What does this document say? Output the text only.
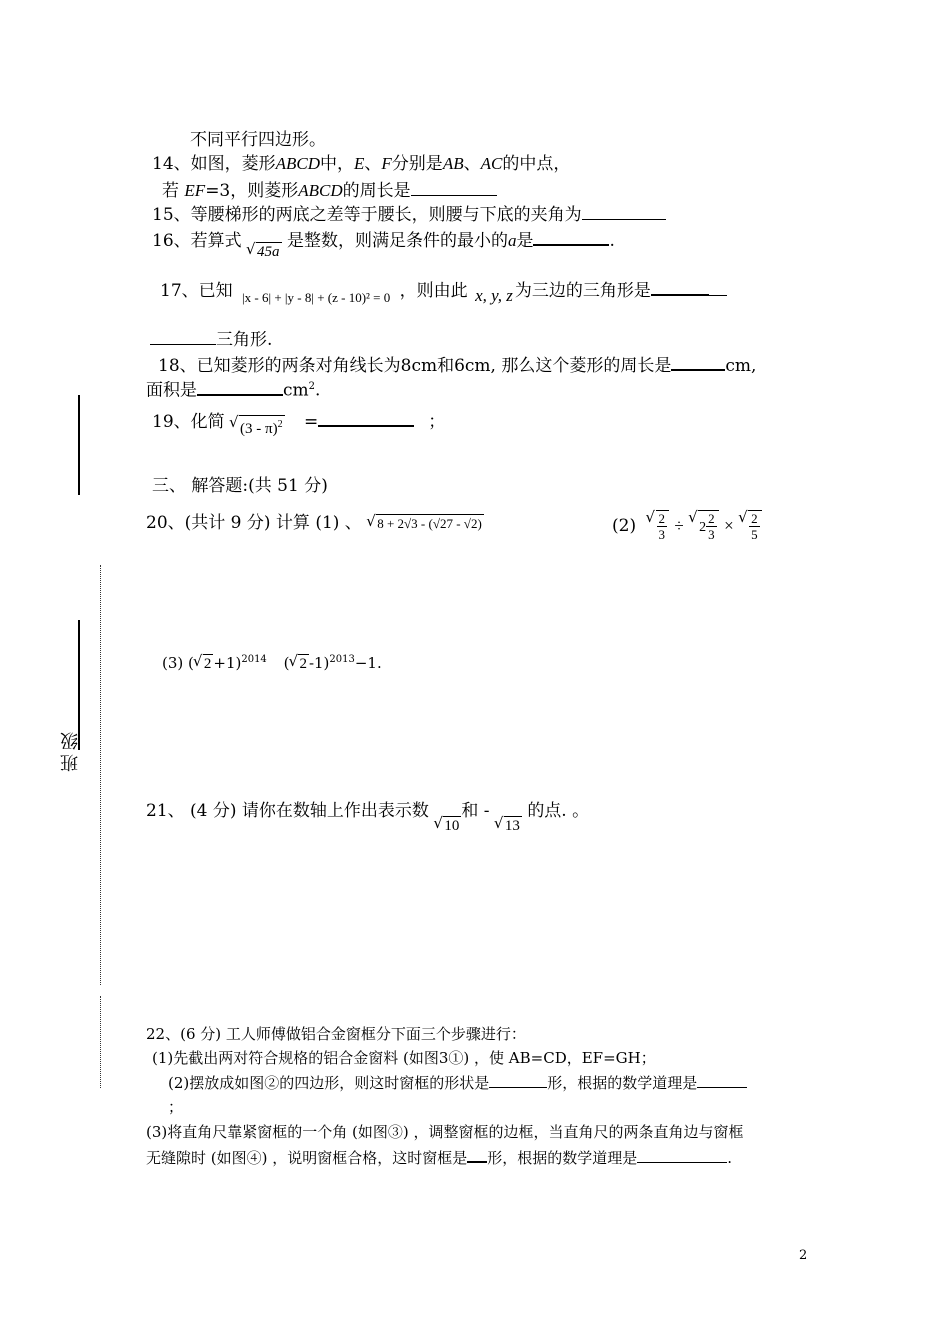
班级
不同平行四边形。
14、如图，菱形ABCD中，E、F分别是AB、AC的中点，
若 EF=3，则菱形ABCD的周长是
15、等腰梯形的两底之差等于腰长，则腰与下底的夹角为
16、若算式 √ 45a 是整数，则满足条件的最小的a是	.
17、已知 $_{|x - 6| + |y - 8| + (z - 10)^2 = 0}$ ，则由此 x, y, z 为三边的三角形是
三角形.
18、已知菱形的两条对角线长为8cm和6cm, 那么这个菱形的周长是	cm,
面积是	$cm^2$.
19、化简 √ (3 - π)$^2$ =	；
三、 解答题:(共 51 分)
20、(共计 9 分) 计算 (1) 、 √ 8 + 2√3 - (√27 - √2)	(2) √ $\frac{2}{3}$ ÷ √ $2 \frac{2}{3}$ × √ $\frac{2}{5}$
(3) ( √ 2 +1)$^{2014}$ ( √ 2 -1)$^{2013}$−1.
21、 (4 分) 请你在数轴上作出表示数 √ 10和 - √ 13 的点. 。
22、(6 分) 工人师傅做铝合金窗框分下面三个步骤进行：
(1)先截出两对符合规格的铝合金窗料 (如图3①) ，使 AB=CD，EF=GH；
(2)摆放成如图②的四边形，则这时窗框的形状是	形，根据的数学道理是
；
(3)将直角尺靠紧窗框的一个角 (如图③) ，调整窗框的边框，当直角尺的两条直角边与窗框
无缝隙时 (如图④) ，说明窗框合格，这时窗框是 形，根据的数学道理是	.
2
